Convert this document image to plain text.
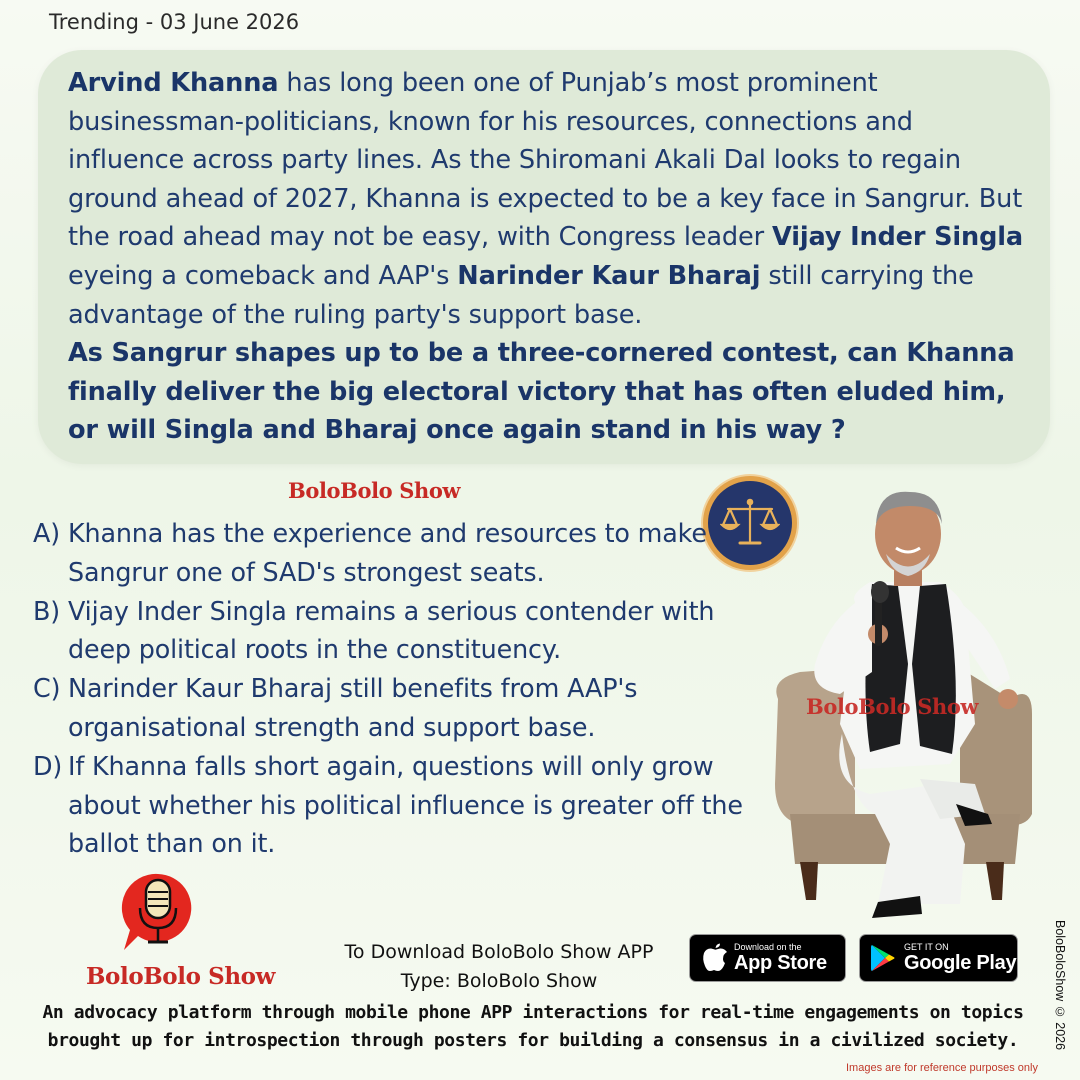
Trending - 03 June 2026

Arvind Khanna has long been one of Punjab’s most prominent businessman-politicians, known for his resources, connections and influence across party lines. As the Shiromani Akali Dal looks to regain ground ahead of 2027, Khanna is expected to be a key face in Sangrur. But the road ahead may not be easy, with Congress leader Vijay Inder Singla eyeing a comeback and AAP's Narinder Kaur Bharaj still carrying the advantage of the ruling party's support base.

As Sangrur shapes up to be a three-cornered contest, can Khanna finally deliver the big electoral victory that has often eluded him, or will Singla and Bharaj once again stand in his way ?

BoloBolo Show
A) Khanna has the experience and resources to make Sangrur one of SAD's strongest seats.
B) Vijay Inder Singla remains a serious contender with deep political roots in the constituency.
C) Narinder Kaur Bharaj still benefits from AAP's organisational strength and support base.
D) If Khanna falls short again, questions will only grow about whether his political influence is greater off the ballot than on it.
BoloBolo Show
BoloBolo Show
To Download BoloBolo Show APP
Type: BoloBolo Show
Download on the
App Store
GET IT ON
Google Play
An advocacy platform through mobile phone APP interactions for real-time engagements on topics
brought up for introspection through posters for building a consensus in a civilized society.
Images are for reference purposes only
BoloBoloShow © 2026
